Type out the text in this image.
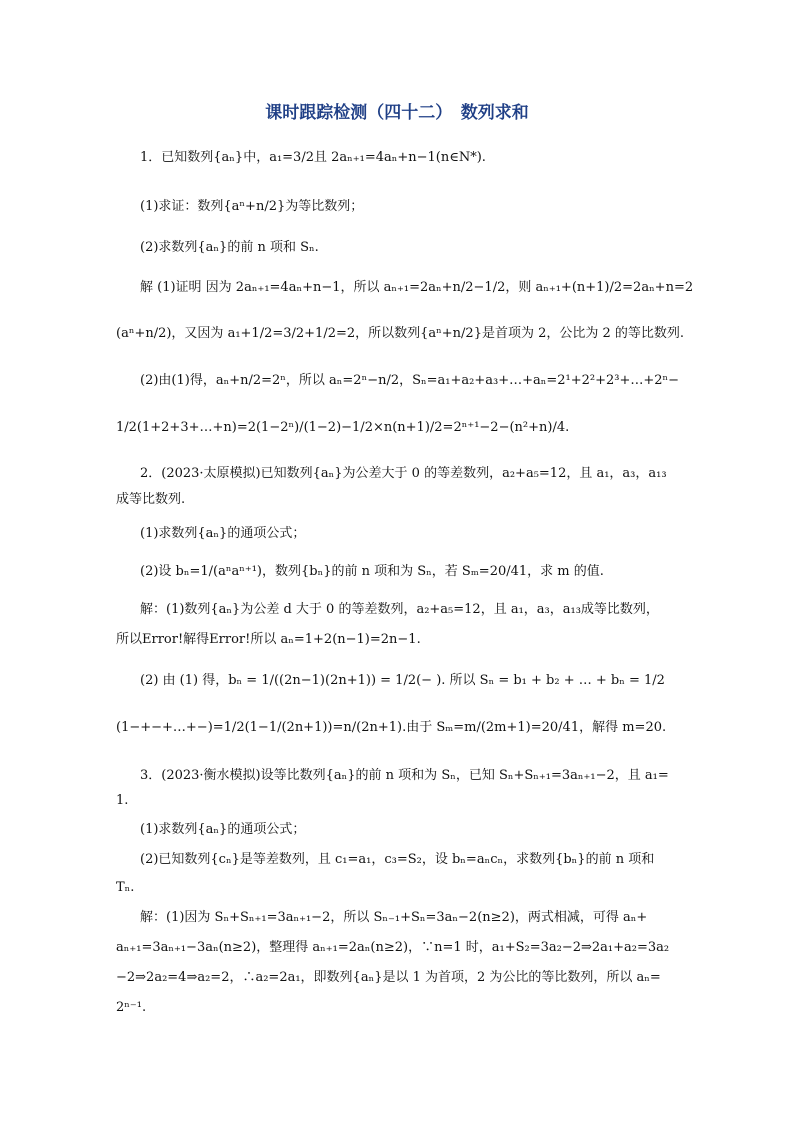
课时跟踪检测（四十二）　数列求和
1．已知数列{aₙ}中，a₁=3/2且 2aₙ₊₁=4aₙ+n−1(n∈N*).
(1)求证：数列{aⁿ+n/2}为等比数列；
(2)求数列{aₙ}的前 n 项和 Sₙ.
解 (1)证明 因为 2aₙ₊₁=4aₙ+n−1，所以 aₙ₊₁=2aₙ+n/2−1/2，则 aₙ₊₁+(n+1)/2=2aₙ+n=2
(aⁿ+n/2)，又因为 a₁+1/2=3/2+1/2=2，所以数列{aⁿ+n/2}是首项为 2，公比为 2 的等比数列.
(2)由(1)得，aₙ+n/2=2ⁿ，所以 aₙ=2ⁿ−n/2，Sₙ=a₁+a₂+a₃+…+aₙ=2¹+2²+2³+…+2ⁿ−
1/2(1+2+3+…+n)=2(1−2ⁿ)/(1−2)−1/2×n(n+1)/2=2ⁿ⁺¹−2−(n²+n)/4.
2．(2023·太原模拟)已知数列{aₙ}为公差大于 0 的等差数列，a₂+a₅=12，且 a₁，a₃，a₁₃
成等比数列.
(1)求数列{aₙ}的通项公式；
(2)设 bₙ=1/(aⁿaⁿ⁺¹)，数列{bₙ}的前 n 项和为 Sₙ，若 Sₘ=20/41，求 m 的值.
解：(1)数列{aₙ}为公差 d 大于 0 的等差数列，a₂+a₅=12，且 a₁，a₃，a₁₃成等比数列，
所以Error!解得Error!所以 aₙ=1+2(n−1)=2n−1.
(2) 由 (1) 得，bₙ = 1/((2n−1)(2n+1)) = 1/2(− ). 所以 Sₙ = b₁ + b₂ + … + bₙ = 1/2
(1−+−+…+−)=1/2(1−1/(2n+1))=n/(2n+1).由于 Sₘ=m/(2m+1)=20/41，解得 m=20.
3．(2023·衡水模拟)设等比数列{aₙ}的前 n 项和为 Sₙ，已知 Sₙ+Sₙ₊₁=3aₙ₊₁−2，且 a₁=
1.
(1)求数列{aₙ}的通项公式；
(2)已知数列{cₙ}是等差数列，且 c₁=a₁，c₃=S₂，设 bₙ=aₙcₙ，求数列{bₙ}的前 n 项和
Tₙ.
解：(1)因为 Sₙ+Sₙ₊₁=3aₙ₊₁−2，所以 Sₙ₋₁+Sₙ=3aₙ−2(n≥2)，两式相减，可得 aₙ+
aₙ₊₁=3aₙ₊₁−3aₙ(n≥2)，整理得 aₙ₊₁=2aₙ(n≥2)，∵n=1 时，a₁+S₂=3a₂−2⇒2a₁+a₂=3a₂
−2⇒2a₂=4⇒a₂=2，∴a₂=2a₁，即数列{aₙ}是以 1 为首项，2 为公比的等比数列，所以 aₙ=
2ⁿ⁻¹.
